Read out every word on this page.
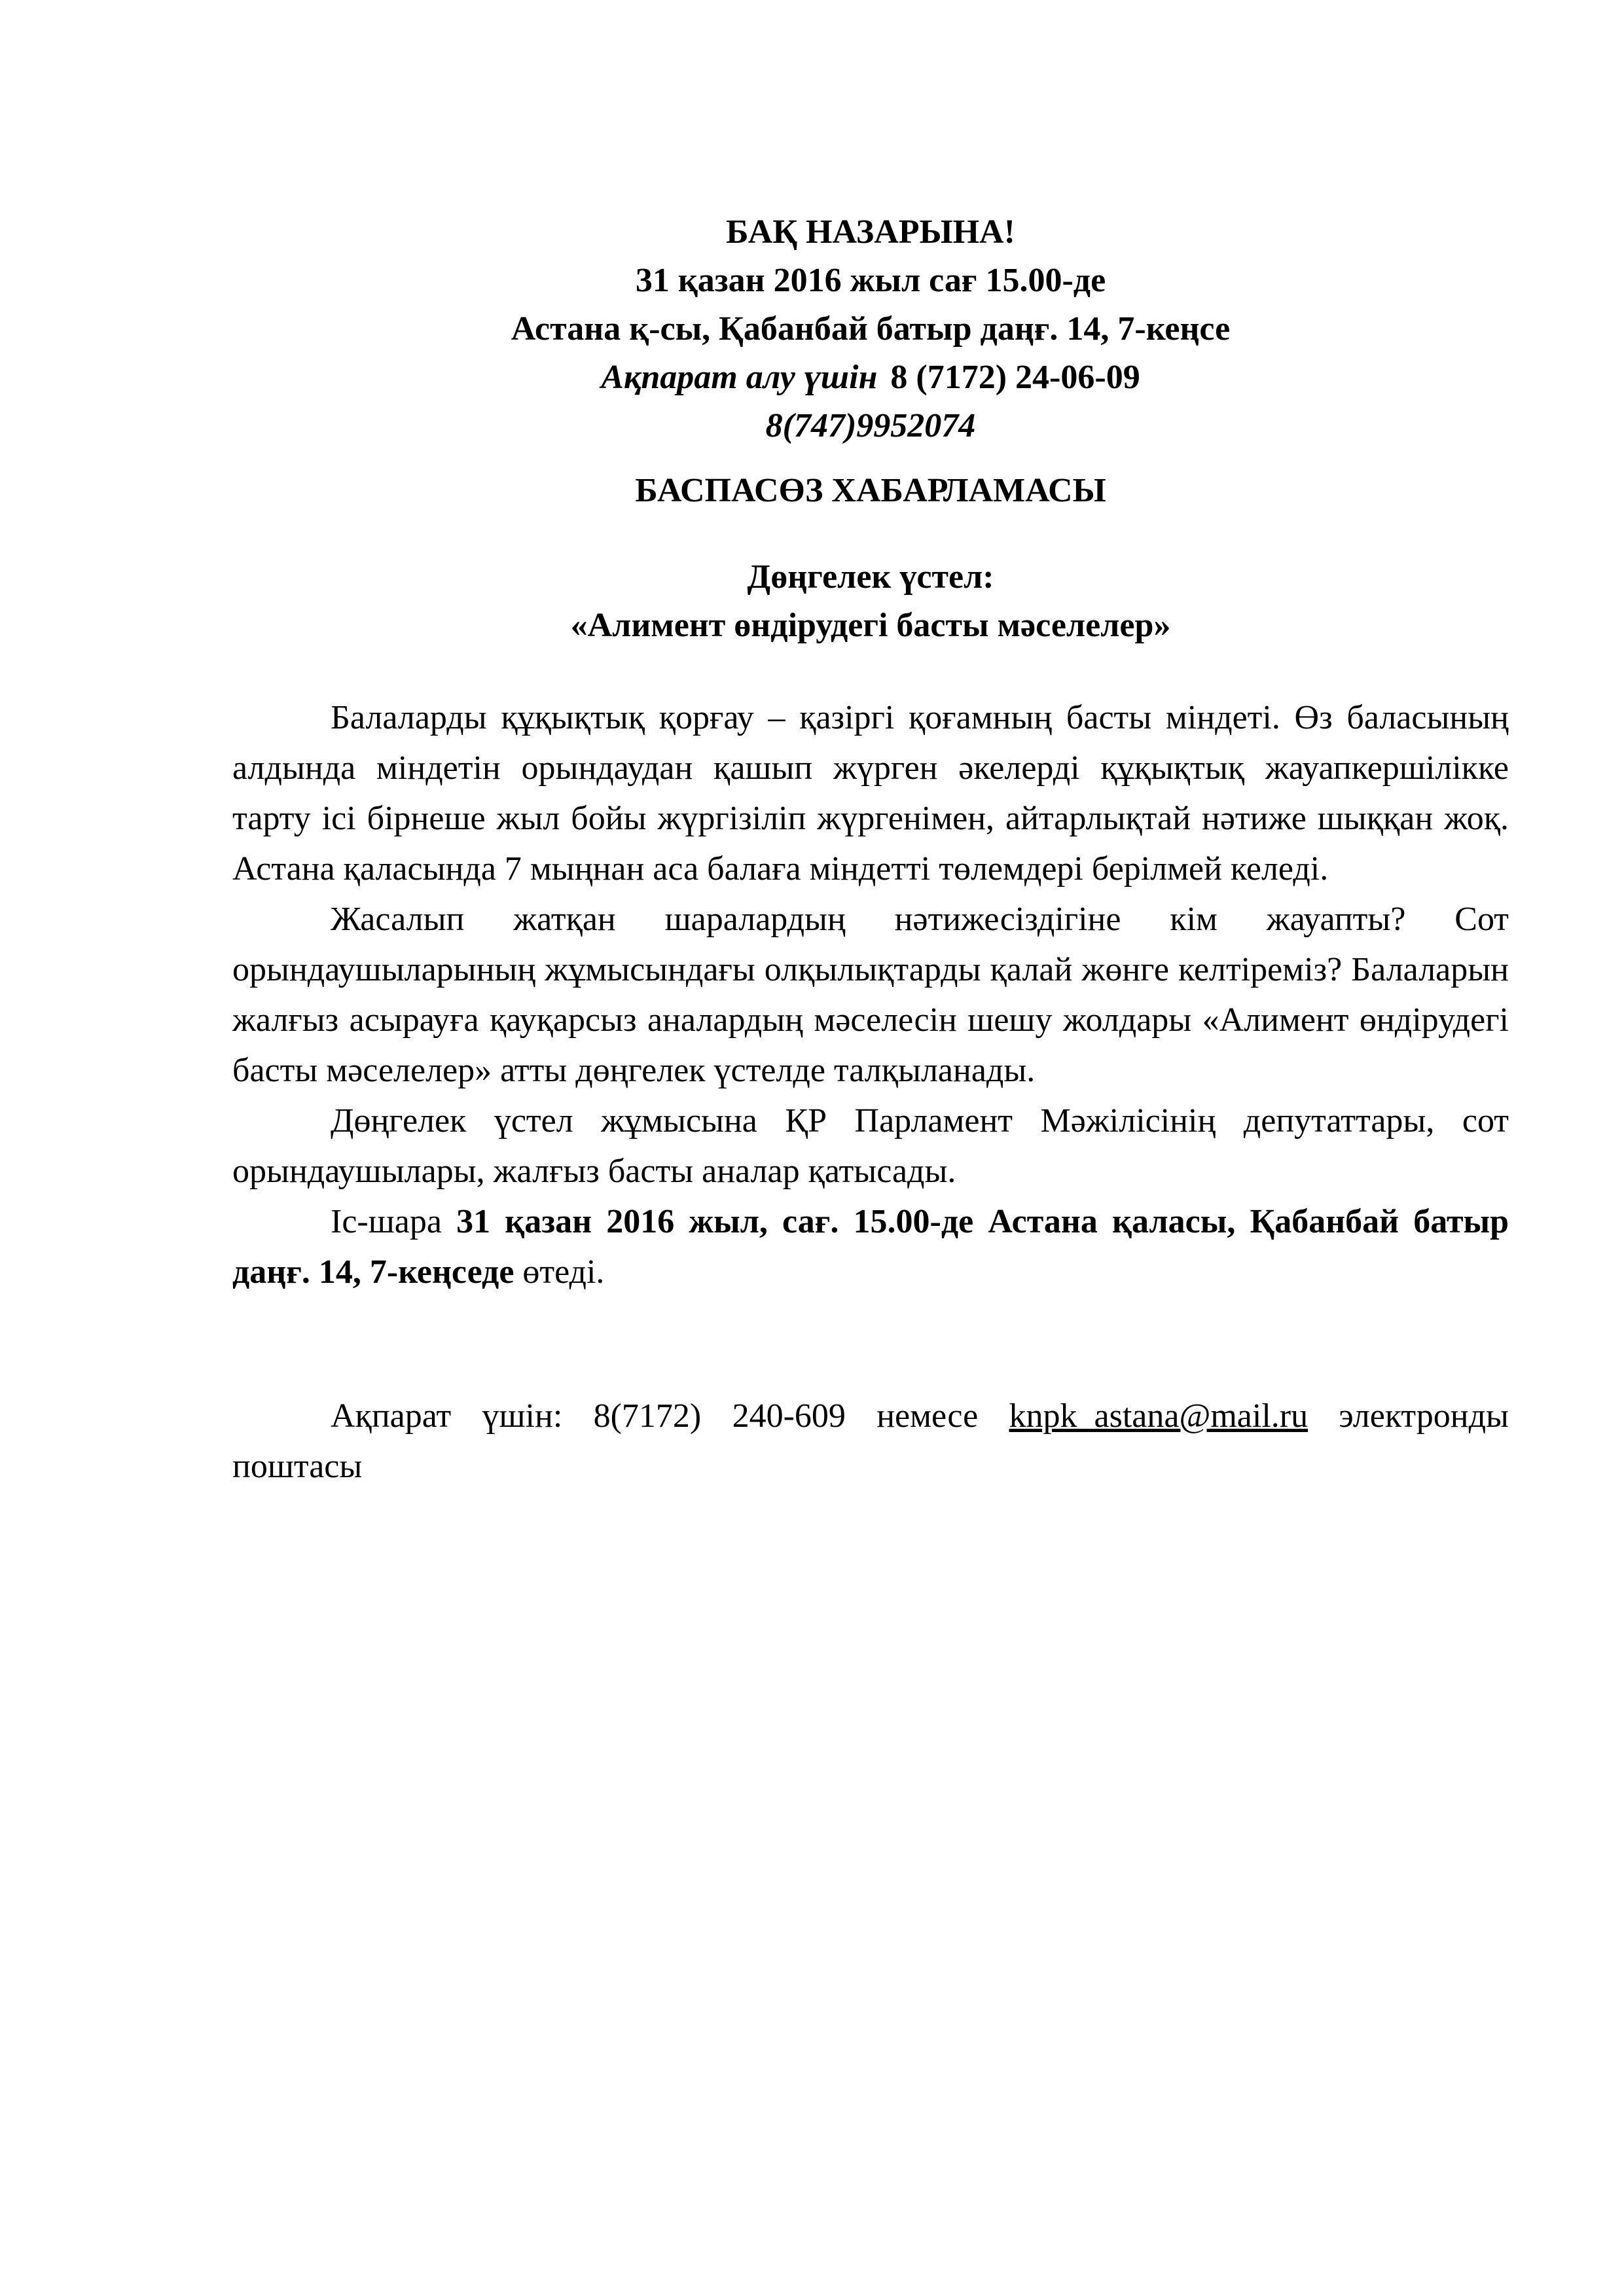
БАҚ НАЗАРЫНА!
31 қазан 2016 жыл сағ 15.00-де
Астана қ-сы, Қабанбай батыр даңғ. 14, 7-кеңсе
Ақпарат алу үшін 8 (7172) 24-06-09
8(747)9952074
БАСПАСӨЗ ХАБАРЛАМАСЫ
Дөңгелек үстел:
«Алимент өндірудегі басты мәселелер»

Балаларды құқықтық қорғау – қазіргі қоғамның басты міндеті. Өз баласының алдында міндетін орындаудан қашып жүрген әкелерді құқықтық жауапкершілікке тарту ісі бірнеше жыл бойы жүргізіліп жүргенімен, айтарлықтай нәтиже шыққан жоқ. Астана қаласында 7 мыңнан аса балаға міндетті төлемдері берілмей келеді.

Жасалып жатқан шаралардың нәтижесіздігіне кім жауапты? Сот орындаушыларының жұмысындағы олқылықтарды қалай жөнге келтіреміз? Балаларын жалғыз асырауға қауқарсыз аналардың мәселесін шешу жолдары «Алимент өндірудегі басты мәселелер» атты дөңгелек үстелде талқыланады.

Дөңгелек үстел жұмысына ҚР Парламент Мәжілісінің депутаттары, сот орындаушылары, жалғыз басты аналар қатысады.

Іс-шара 31 қазан 2016 жыл, сағ. 15.00-де Астана қаласы, Қабанбай батыр даңғ. 14, 7-кеңседе өтеді.

Ақпарат үшін: 8(7172) 240-609 немесе knpk_astana@mail.ru электронды поштасы
